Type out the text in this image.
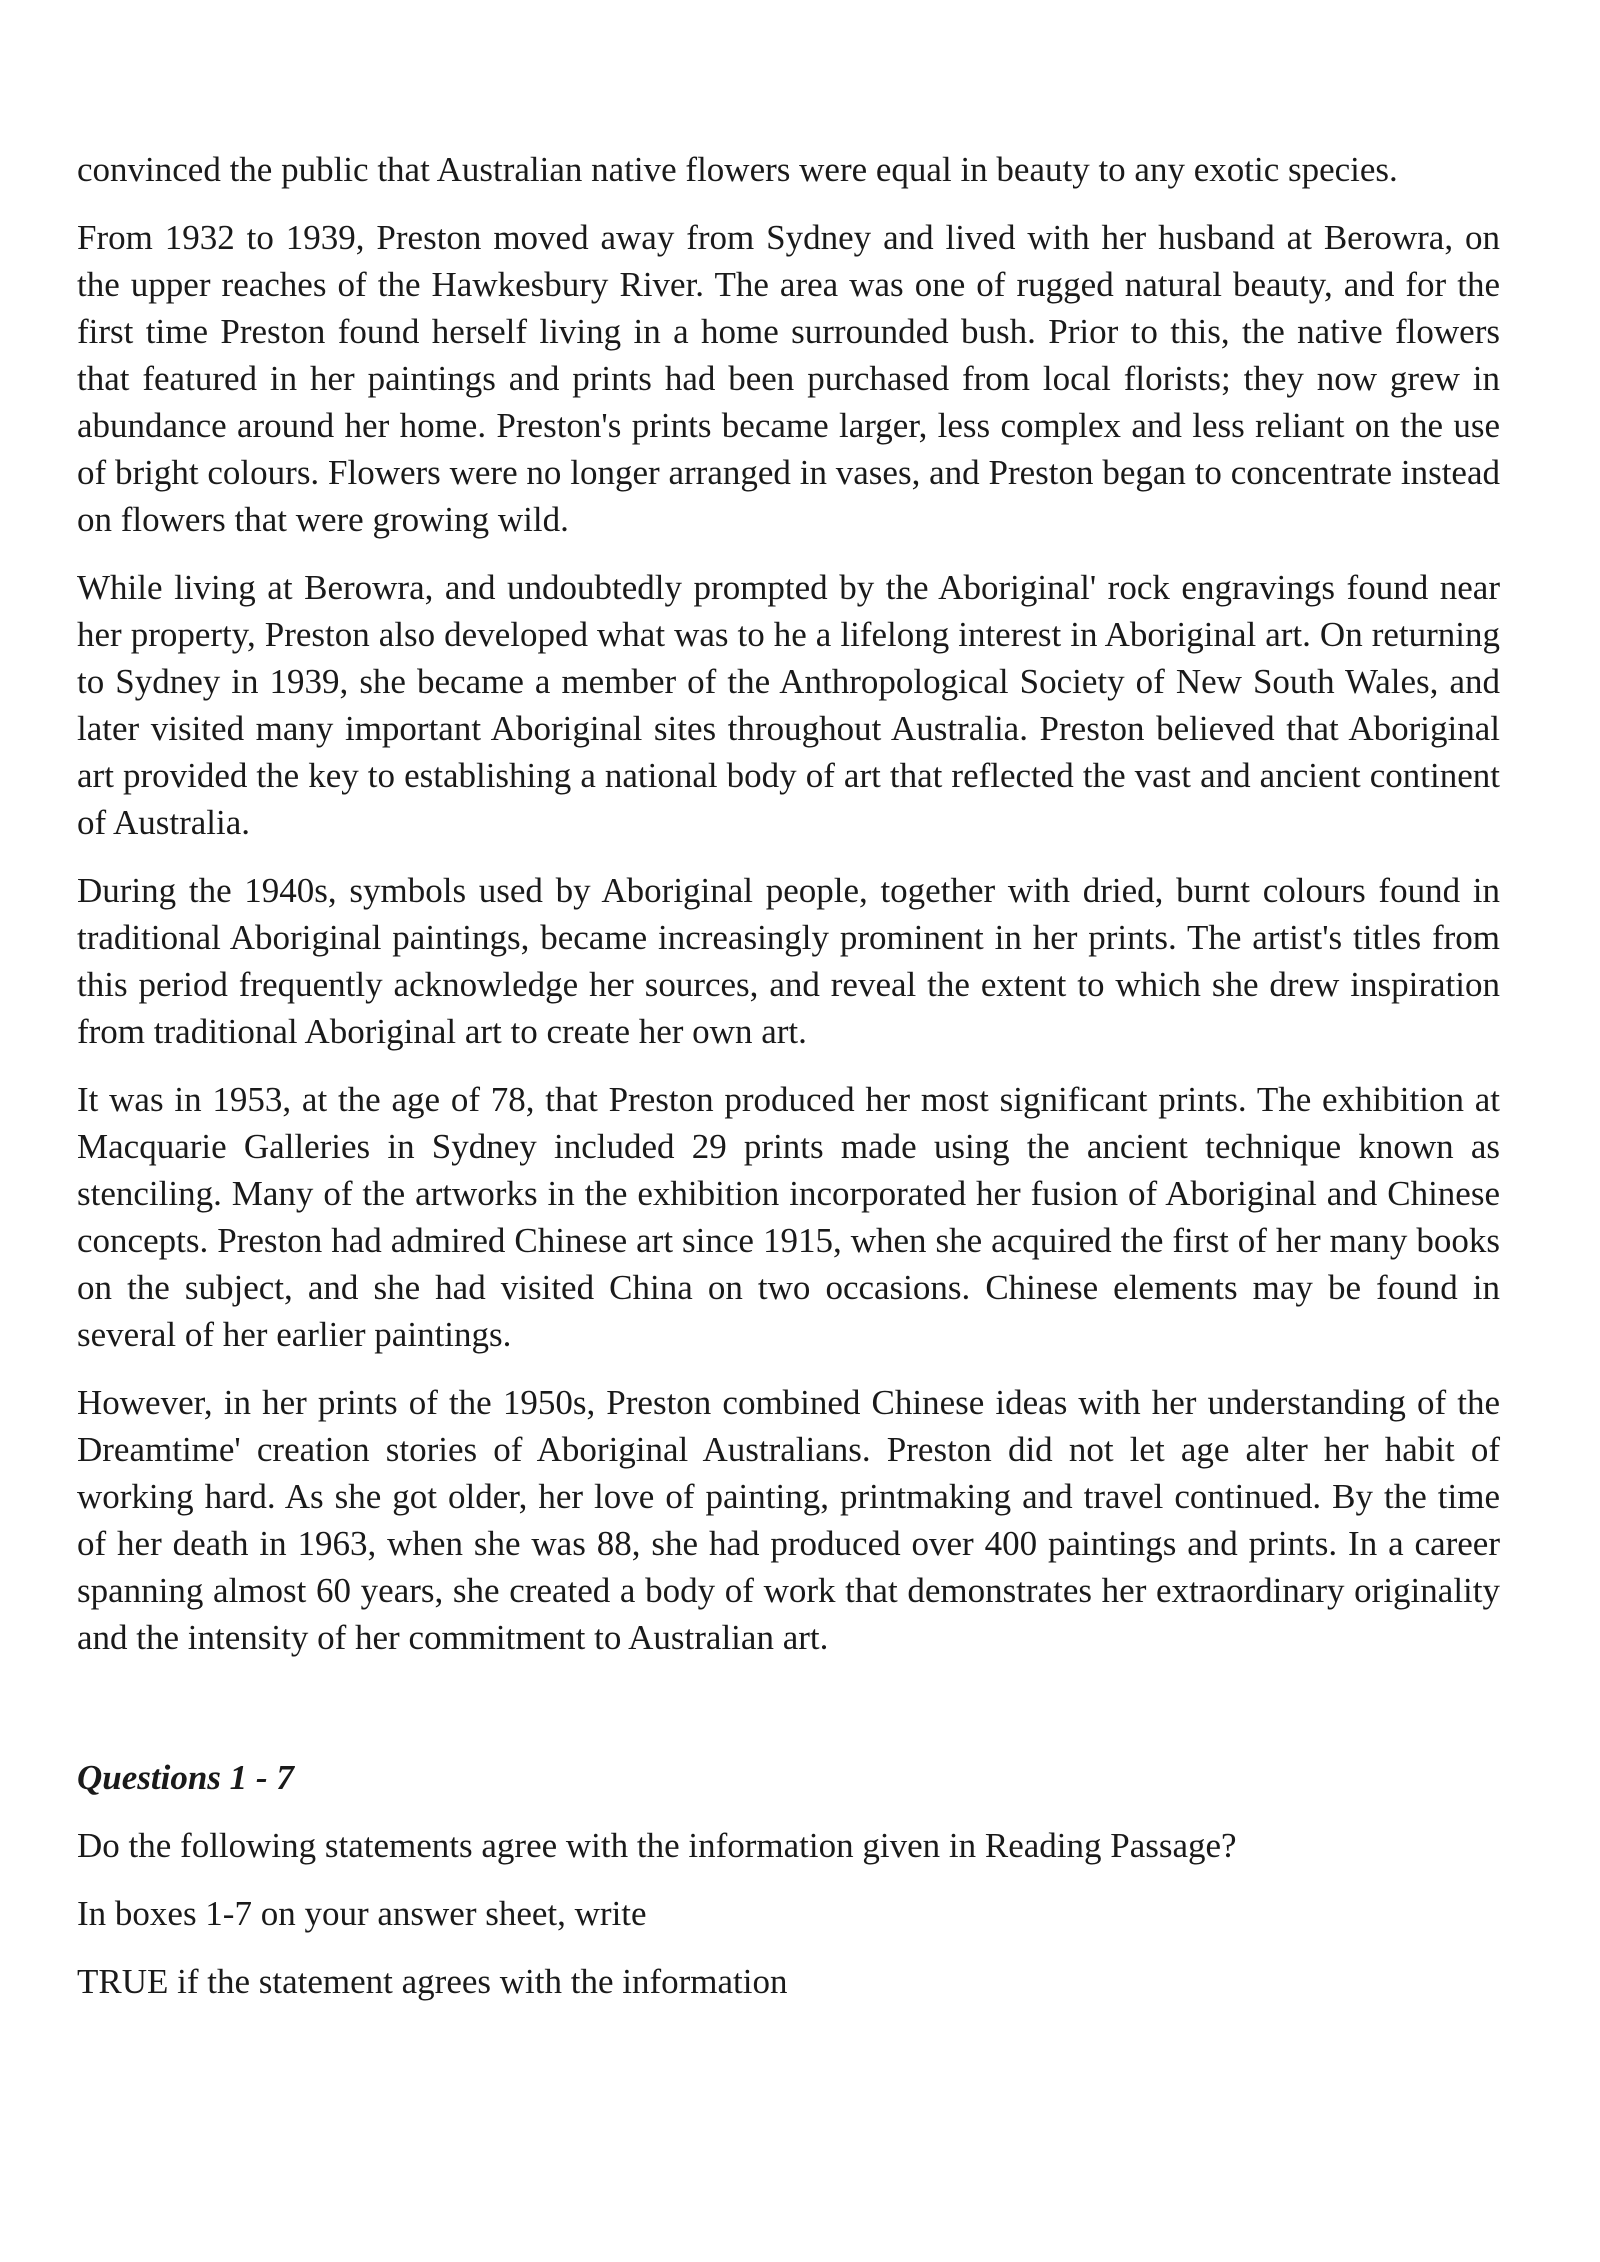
convinced the public that Australian native flowers were equal in beauty to any exotic species.

From 1932 to 1939, Preston moved away from Sydney and lived with her husband at Berowra, on the upper reaches of the Hawkesbury River. The area was one of rugged natural beauty, and for the first time Preston found herself living in a home surrounded bush. Prior to this, the native flowers that featured in her paintings and prints had been purchased from local florists; they now grew in abundance around her home. Preston's prints became larger, less complex and less reliant on the use of bright colours. Flowers were no longer arranged in vases, and Preston began to concentrate instead on flowers that were growing wild.

While living at Berowra, and undoubtedly prompted by the Aboriginal' rock engravings found near her property, Preston also developed what was to he a lifelong interest in Aboriginal art. On returning to Sydney in 1939, she became a member of the Anthropological Society of New South Wales, and later visited many important Aboriginal sites throughout Australia. Preston believed that Aboriginal art provided the key to establishing a national body of art that reflected the vast and ancient continent of Australia.

During the 1940s, symbols used by Aboriginal people, together with dried, burnt colours found in traditional Aboriginal paintings, became increasingly prominent in her prints. The artist's titles from this period frequently acknowledge her sources, and reveal the extent to which she drew inspiration from traditional Aboriginal art to create her own art.

It was in 1953, at the age of 78, that Preston produced her most significant prints. The exhibition at Macquarie Galleries in Sydney included 29 prints made using the ancient technique known as stenciling. Many of the artworks in the exhibition incorporated her fusion of Aboriginal and Chinese concepts. Preston had admired Chinese art since 1915, when she acquired the first of her many books on the subject, and she had visited China on two occasions. Chinese elements may be found in several of her earlier paintings.

However, in her prints of the 1950s, Preston combined Chinese ideas with her understanding of the Dreamtime' creation stories of Aboriginal Australians. Preston did not let age alter her habit of working hard. As she got older, her love of painting, printmaking and travel continued. By the time of her death in 1963, when she was 88, she had produced over 400 paintings and prints. In a career spanning almost 60 years, she created a body of work that demonstrates her extraordinary originality and the intensity of her commitment to Australian art.

Questions 1 - 7

Do the following statements agree with the information given in Reading Passage?

In boxes 1-7 on your answer sheet, write

TRUE if the statement agrees with the information
